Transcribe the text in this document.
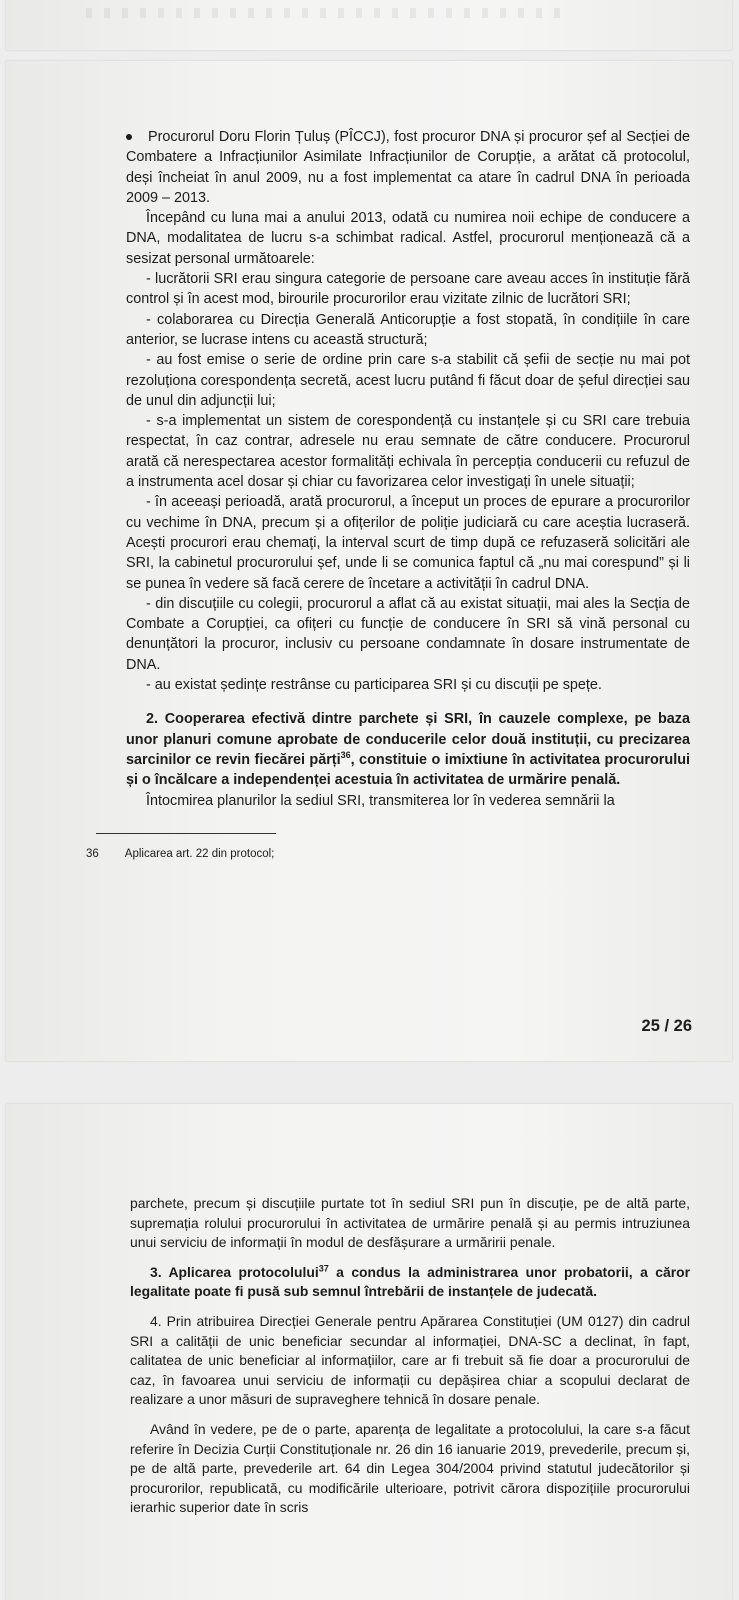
Procurorul Doru Florin Țuluș (PÎCCJ), fost procuror DNA și procuror șef al Secției de Combatere a Infracțiunilor Asimilate Infracțiunilor de Corupție, a arătat că protocolul, deși încheiat în anul 2009, nu a fost implementat ca atare în cadrul DNA în perioada 2009 – 2013.

Începând cu luna mai a anului 2013, odată cu numirea noii echipe de conducere a DNA, modalitatea de lucru s-a schimbat radical. Astfel, procurorul menționează că a sesizat personal următoarele:

- lucrătorii SRI erau singura categorie de persoane care aveau acces în instituție fără control și în acest mod, birourile procurorilor erau vizitate zilnic de lucrători SRI;

- colaborarea cu Direcția Generală Anticorupție a fost stopată, în condițiile în care anterior, se lucrase intens cu această structură;

- au fost emise o serie de ordine prin care s-a stabilit că șefii de secție nu mai pot rezoluționa corespondența secretă, acest lucru putând fi făcut doar de șeful direcției sau de unul din adjuncții lui;

- s-a implementat un sistem de corespondență cu instanțele și cu SRI care trebuia respectat, în caz contrar, adresele nu erau semnate de către conducere. Procurorul arată că nerespectarea acestor formalități echivala în percepția conducerii cu refuzul de a instrumenta acel dosar și chiar cu favorizarea celor investigați în unele situații;

- în aceeași perioadă, arată procurorul, a început un proces de epurare a procurorilor cu vechime în DNA, precum și a ofițerilor de poliție judiciară cu care aceștia lucraseră. Acești procurori erau chemați, la interval scurt de timp după ce refuzaseră solicitări ale SRI, la cabinetul procurorului șef, unde li se comunica faptul că „nu mai corespund” și li se punea în vedere să facă cerere de încetare a activității în cadrul DNA.

- din discuțiile cu colegii, procurorul a aflat că au existat situații, mai ales la Secția de Combate a Corupției, ca ofițeri cu funcție de conducere în SRI să vină personal cu denunțători la procuror, inclusiv cu persoane condamnate în dosare instrumentate de DNA.

- au existat ședințe restrânse cu participarea SRI și cu discuții pe spețe.

2. Cooperarea efectivă dintre parchete și SRI, în cauzele complexe, pe baza unor planuri comune aprobate de conducerile celor două instituții, cu precizarea sarcinilor ce revin fiecărei părți$^{36}$, constituie o imixtiune în activitatea procurorului și o încălcare a independenței acestuia în activitatea de urmărire penală.

Întocmirea planurilor la sediul SRI, transmiterea lor în vederea semnării la

36 Aplicarea art. 22 din protocol;
25 / 26

parchete, precum și discuțiile purtate tot în sediul SRI pun în discuție, pe de altă parte, supremația rolului procurorului în activitatea de urmărire penală și au permis intruziunea unui serviciu de informații în modul de desfășurare a urmăririi penale.

3. Aplicarea protocolului$^{37}$ a condus la administrarea unor probatorii, a căror legalitate poate fi pusă sub semnul întrebării de instanțele de judecată.

4. Prin atribuirea Direcției Generale pentru Apărarea Constituției (UM 0127) din cadrul SRI a calității de unic beneficiar secundar al informației, DNA-SC a declinat, în fapt, calitatea de unic beneficiar al informațiilor, care ar fi trebuit să fie doar a procurorului de caz, în favoarea unui serviciu de informații cu depășirea chiar a scopului declarat de realizare a unor măsuri de supraveghere tehnică în dosare penale.

Având în vedere, pe de o parte, aparența de legalitate a protocolului, la care s-a făcut referire în Decizia Curții Constituționale nr. 26 din 16 ianuarie 2019, prevederile, precum și, pe de altă parte, prevederile art. 64 din Legea 304/2004 privind statutul judecătorilor și procurorilor, republicată, cu modificările ulterioare, potrivit cărora dispozițiile procurorului ierarhic superior date în scris
